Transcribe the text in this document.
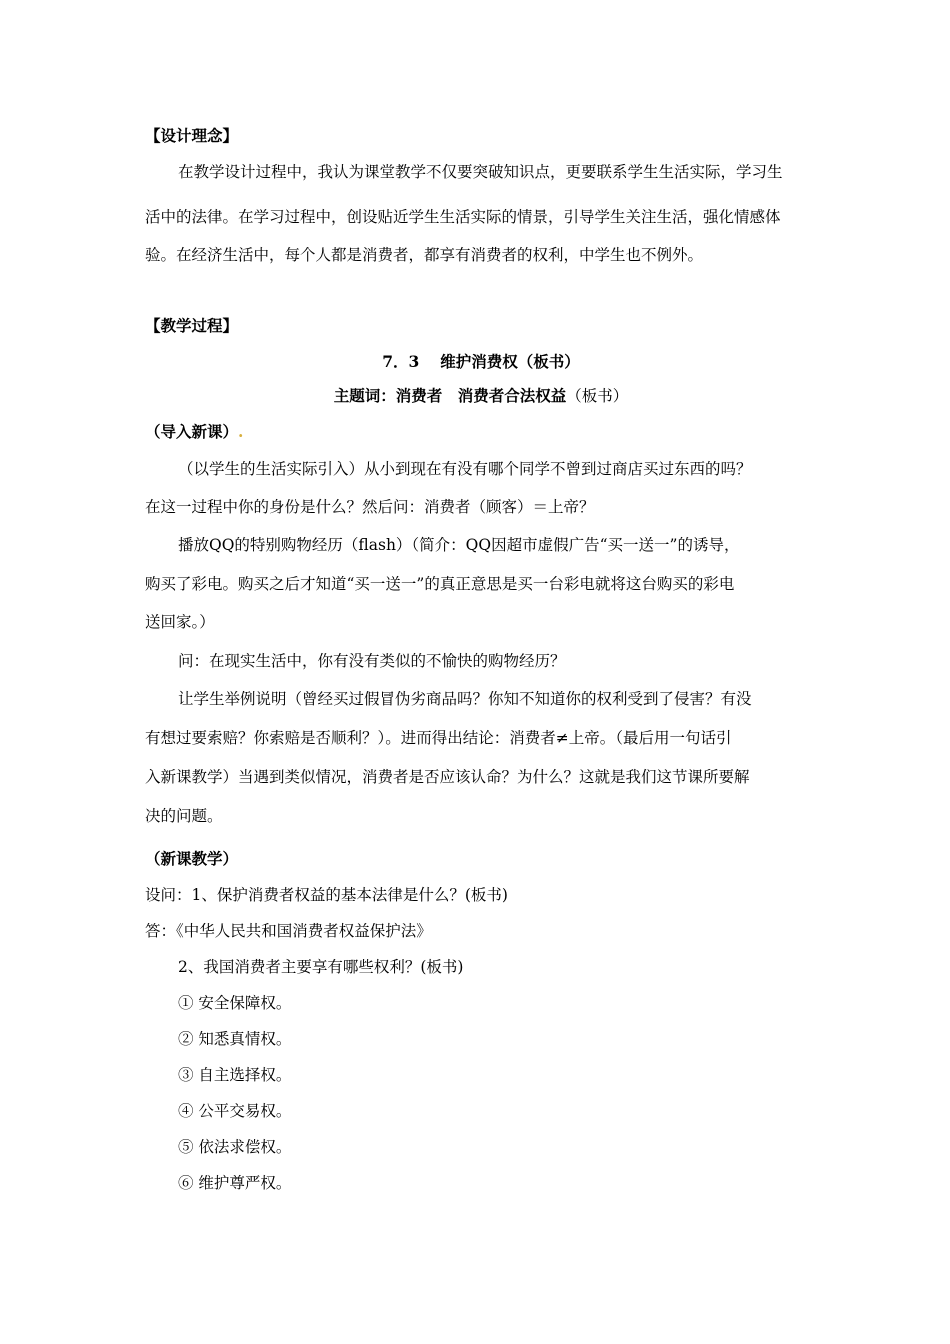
【设计理念】
在教学设计过程中，我认为课堂教学不仅要突破知识点，更要联系学生生活实际，学习生
活中的法律。在学习过程中，创设贴近学生生活实际的情景，引导学生关注生活，强化情感体
验。在经济生活中，每个人都是消费者，都享有消费者的权利，中学生也不例外。
【教学过程】
7．3　 维护消费权（板书）
主题词：消费者　消费者合法权益（板书）
（导入新课）.
（以学生的生活实际引入）从小到现在有没有哪个同学不曾到过商店买过东西的吗？
在这一过程中你的身份是什么？然后问：消费者（顾客）＝上帝？
播放QQ的特别购物经历（flash）（简介：QQ因超市虚假广告“买一送一”的诱导，
购买了彩电。购买之后才知道“买一送一”的真正意思是买一台彩电就将这台购买的彩电
送回家。）
问：在现实生活中，你有没有类似的不愉快的购物经历？
让学生举例说明（曾经买过假冒伪劣商品吗？你知不知道你的权利受到了侵害？有没
有想过要索赔？你索赔是否顺利？）。进而得出结论：消费者≠上帝。（最后用一句话引
入新课教学）当遇到类似情况，消费者是否应该认命？为什么？这就是我们这节课所要解
决的问题。
（新课教学）
设问：1、保护消费者权益的基本法律是什么？(板书)
答：《中华人民共和国消费者权益保护法》
2、我国消费者主要享有哪些权利？(板书)
① 安全保障权。
② 知悉真情权。
③ 自主选择权。
④ 公平交易权。
⑤ 依法求偿权。
⑥ 维护尊严权。
